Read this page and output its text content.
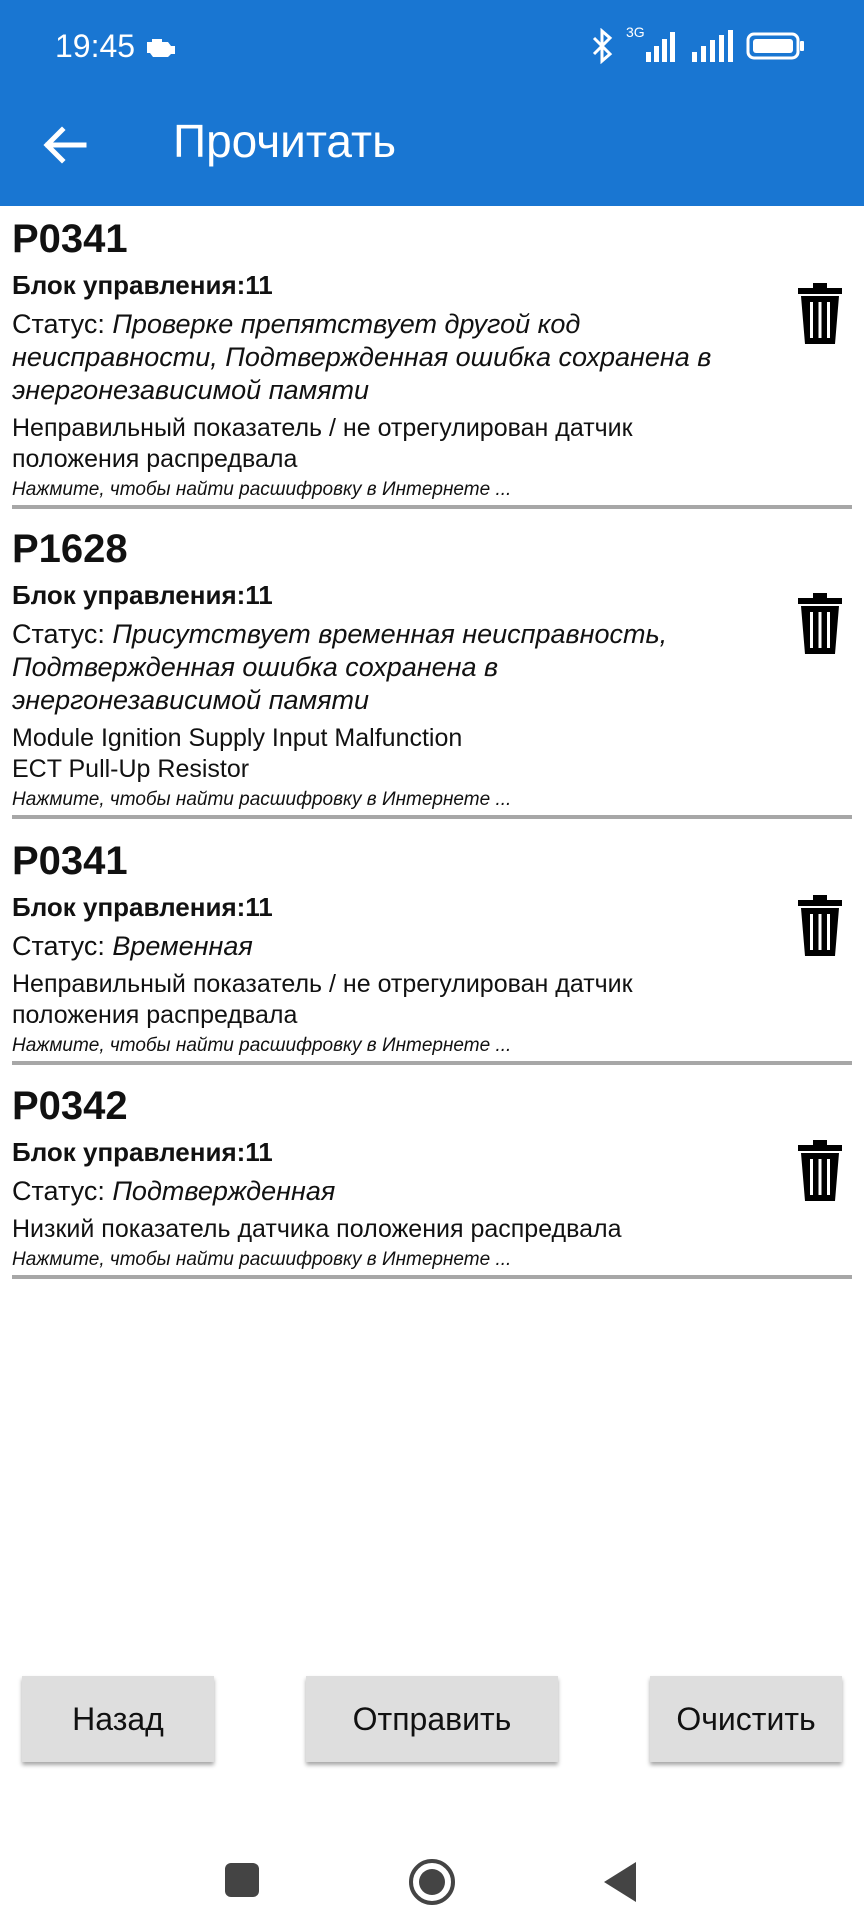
19:45	3G
Прочитать
P0341
Блок управления:11
Статус: Проверке препятствует другой код неисправности, Подтвержденная ошибка сохранена в энергонезависимой памяти
Неправильный показатель / не отрегулирован датчик
положения распредвала
Нажмите, чтобы найти расшифровку в Интернете ...
P1628
Блок управления:11
Статус: Присутствует временная неисправность, Подтвержденная ошибка сохранена в энергонезависимой памяти
Module Ignition Supply Input Malfunction
ECT Pull-Up Resistor
Нажмите, чтобы найти расшифровку в Интернете ...
P0341
Блок управления:11
Статус: Временная
Неправильный показатель / не отрегулирован датчик
положения распредвала
Нажмите, чтобы найти расшифровку в Интернете ...
P0342
Блок управления:11
Статус: Подтвержденная
Низкий показатель датчика положения распредвала
Нажмите, чтобы найти расшифровку в Интернете ...
Назад	Отправить	Очистить
